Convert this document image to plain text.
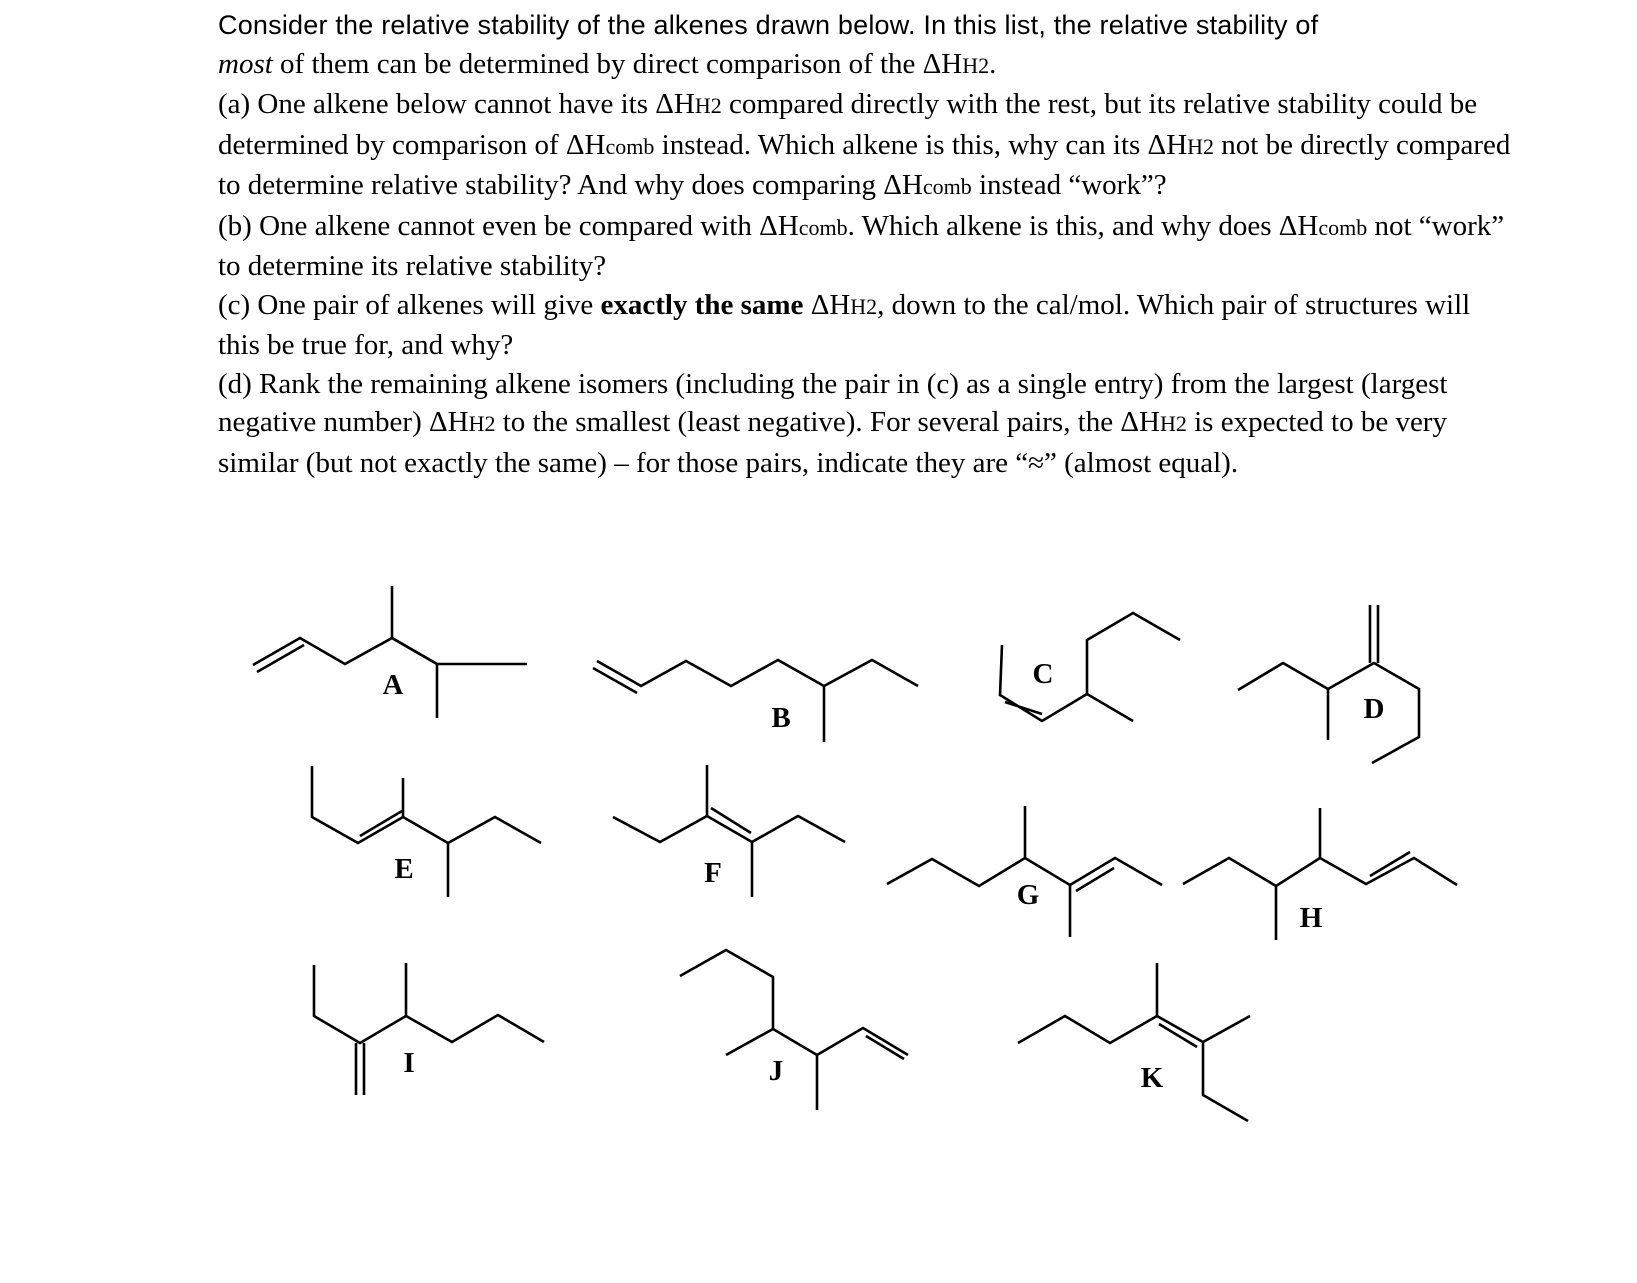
Consider the relative stability of the alkenes drawn below. In this list, the relative stability of

most of them can be determined by direct comparison of the ΔHH2.

(a) One alkene below cannot have its ΔHH2 compared directly with the rest, but its relative stability could be determined by comparison of ΔHcomb instead. Which alkene is this, why can its ΔHH2 not be directly compared to determine relative stability? And why does comparing ΔHcomb instead “work”?

(b) One alkene cannot even be compared with ΔHcomb. Which alkene is this, and why does ΔHcomb not “work” to determine its relative stability?

(c) One pair of alkenes will give exactly the same ΔHH2, down to the cal/mol. Which pair of structures will this be true for, and why?

(d) Rank the remaining alkene isomers (including the pair in (c) as a single entry) from the largest (largest negative number) ΔHH2 to the smallest (least negative). For several pairs, the ΔHH2 is expected to be very similar (but not exactly the same) – for those pairs, indicate they are “≈” (almost equal).

A
B
C
D
E	F
G
H
I	J	K
